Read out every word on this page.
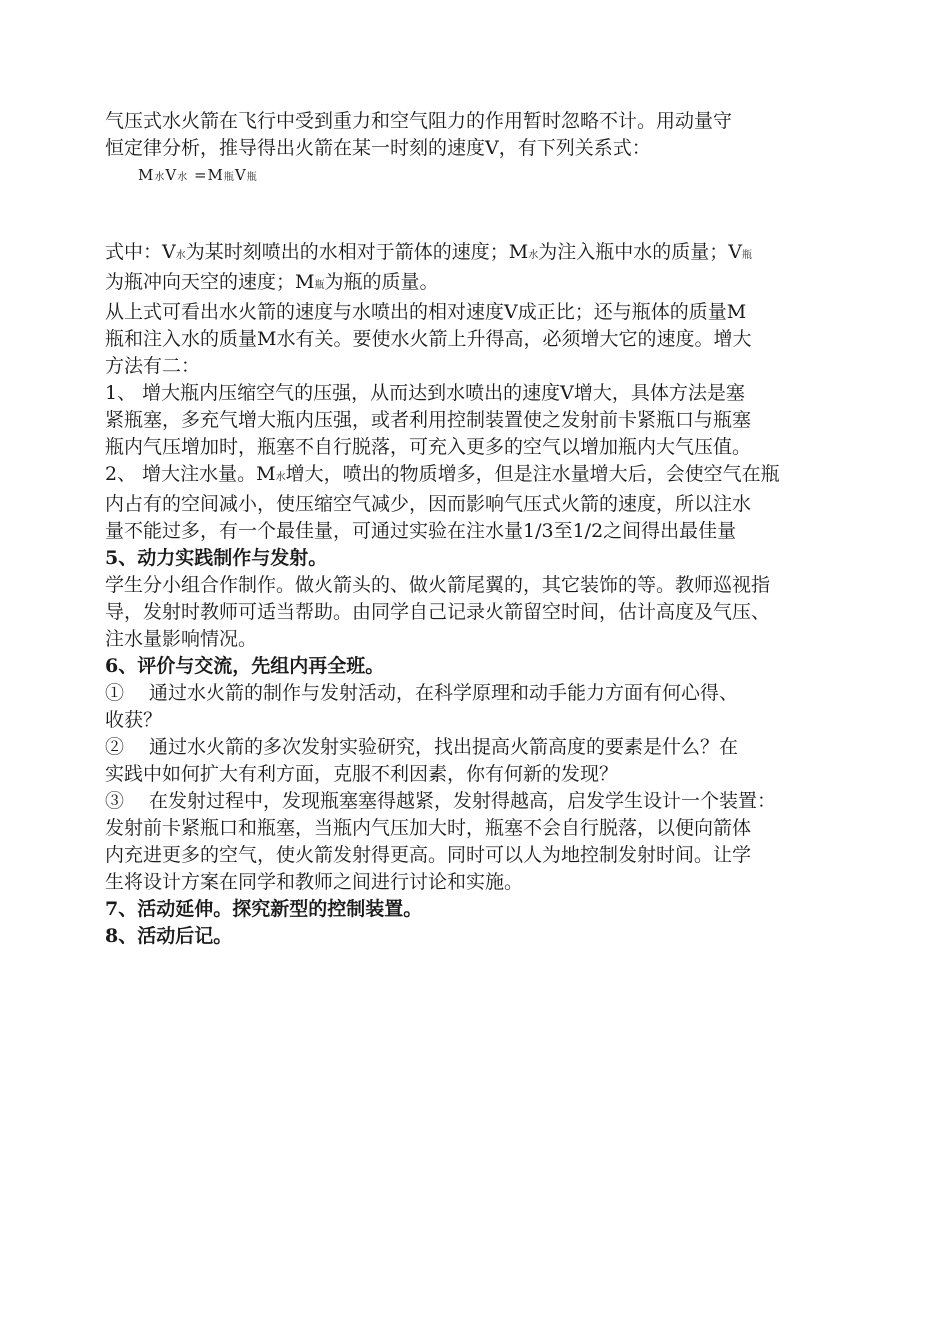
气压式水火箭在飞行中受到重力和空气阻力的作用暂时忽略不计。用动量守
恒定律分析，推导得出火箭在某一时刻的速度V，有下列关系式：
M水V水 =M瓶V瓶
式中：V水为某时刻喷出的水相对于箭体的速度；M水为注入瓶中水的质量；V瓶
为瓶冲向天空的速度；M瓶为瓶的质量。
从上式可看出水火箭的速度与水喷出的相对速度V成正比；还与瓶体的质量M
瓶和注入水的质量M水有关。要使水火箭上升得高，必须增大它的速度。增大
方法有二：
1、 增大瓶内压缩空气的压强，从而达到水喷出的速度V增大，具体方法是塞
紧瓶塞，多充气增大瓶内压强，或者利用控制装置使之发射前卡紧瓶口与瓶塞
瓶内气压增加时，瓶塞不自行脱落，可充入更多的空气以增加瓶内大气压值。
2、 增大注水量。M水增大，喷出的物质增多，但是注水量增大后，会使空气在瓶
内占有的空间减小，使压缩空气减少，因而影响气压式火箭的速度，所以注水
量不能过多，有一个最佳量，可通过实验在注水量1/3至1/2之间得出最佳量
5、动力实践制作与发射。
学生分小组合作制作。做火箭头的、做火箭尾翼的，其它装饰的等。教师巡视指
导，发射时教师可适当帮助。由同学自己记录火箭留空时间，估计高度及气压、
注水量影响情况。
6、评价与交流，先组内再全班。
①　 通过水火箭的制作与发射活动，在科学原理和动手能力方面有何心得、
收获？
②　 通过水火箭的多次发射实验研究，找出提高火箭高度的要素是什么？在
实践中如何扩大有利方面，克服不利因素，你有何新的发现？
③　 在发射过程中，发现瓶塞塞得越紧，发射得越高，启发学生设计一个装置：
发射前卡紧瓶口和瓶塞，当瓶内气压加大时，瓶塞不会自行脱落，以便向箭体
内充进更多的空气，使火箭发射得更高。同时可以人为地控制发射时间。让学
生将设计方案在同学和教师之间进行讨论和实施。
7、活动延伸。探究新型的控制装置。
8、活动后记。
